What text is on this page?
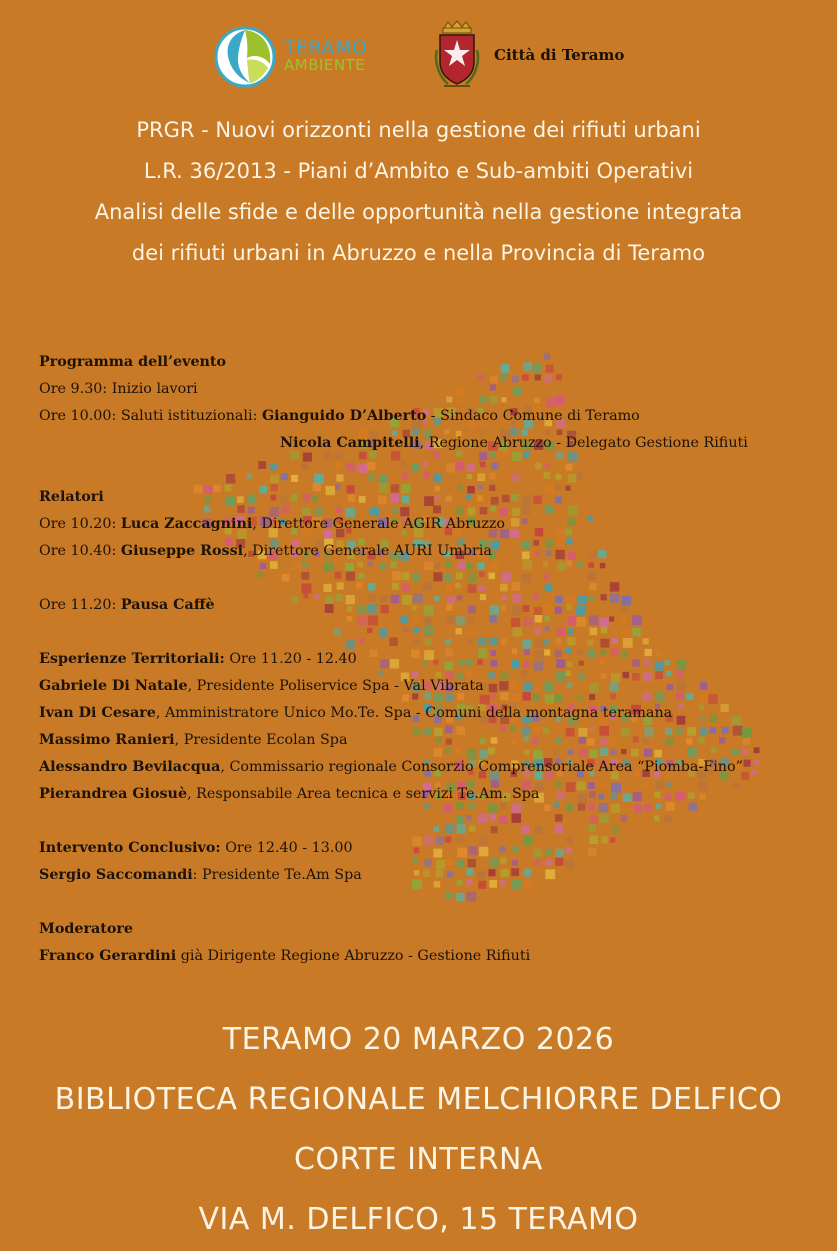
TERAMO
AMBIENTE
Città di Teramo
PRGR - Nuovi orizzonti nella gestione dei rifiuti urbani
L.R. 36/2013 - Piani d’Ambito e Sub-ambiti Operativi
Analisi delle sfide e delle opportunità nella gestione integrata
dei rifiuti urbani in Abruzzo e nella Provincia di Teramo
Programma dell’evento
Ore 9.30: Inizio lavori
Ore 10.00: Saluti istituzionali: Gianguido D’Alberto - Sindaco Comune di Teramo
Nicola Campitelli, Regione Abruzzo - Delegato Gestione Rifiuti
Relatori
Ore 10.20: Luca Zaccagnini, Direttore Generale AGIR Abruzzo
Ore 10.40: Giuseppe Rossi, Direttore Generale AURI Umbria
Ore 11.20: Pausa Caffè
Esperienze Territoriali: Ore 11.20 - 12.40
Gabriele Di Natale, Presidente Poliservice Spa - Val Vibrata
Ivan Di Cesare, Amministratore Unico Mo.Te. Spa - Comuni della montagna teramana
Massimo Ranieri, Presidente Ecolan Spa
Alessandro Bevilacqua, Commissario regionale Consorzio Comprensoriale Area “Piomba-Fino”
Pierandrea Giosuè, Responsabile Area tecnica e servizi Te.Am. Spa
Intervento Conclusivo: Ore 12.40 - 13.00
Sergio Saccomandi: Presidente Te.Am Spa
Moderatore
Franco Gerardini già Dirigente Regione Abruzzo - Gestione Rifiuti
TERAMO 20 MARZO 2026
BIBLIOTECA REGIONALE MELCHIORRE DELFICO
CORTE INTERNA
VIA M. DELFICO, 15 TERAMO
